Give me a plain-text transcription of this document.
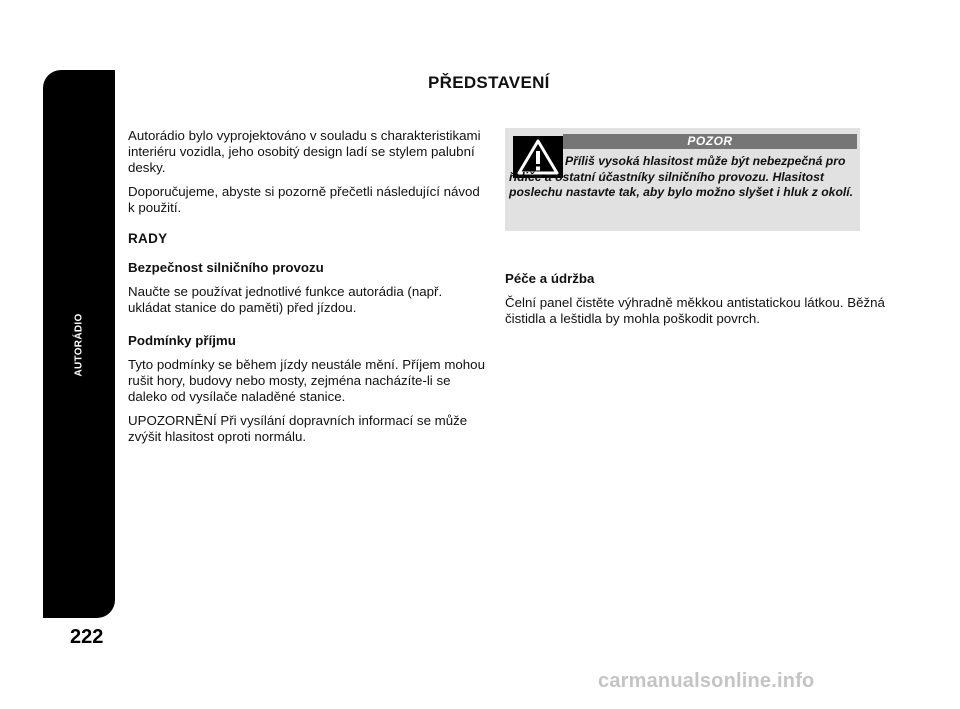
AUTORÁDIO
222
PŘEDSTAVENÍ

Autorádio bylo vyprojektováno v souladu s charakteristikami interiéru vozidla, jeho osobitý design ladí se stylem palubní desky.

Doporučujeme, abyste si pozorně přečetli následující návod k použití.

RADY

Bezpečnost silničního provozu

Naučte se používat jednotlivé funkce autorádia (např. ukládat stanice do paměti) před jízdou.

Podmínky příjmu

Tyto podmínky se během jízdy neustále mění. Příjem mohou rušit hory, budovy nebo mosty, zejména nacházíte-li se daleko od vysílače naladěné stanice.

UPOZORNĚNÍ Při vysílání dopravních informací se může zvýšit hlasitost oproti normálu.

POZOR

Příliš vysoká hlasitost může být nebezpečná pro řidiče a ostatní účastníky silničního provozu. Hlasitost poslechu nastavte tak, aby bylo možno slyšet i hluk z okolí.

Péče a údržba

Čelní panel čistěte výhradně měkkou antistatickou látkou. Běžná čistidla a leštidla by mohla poškodit povrch.

carmanualsonline.info
